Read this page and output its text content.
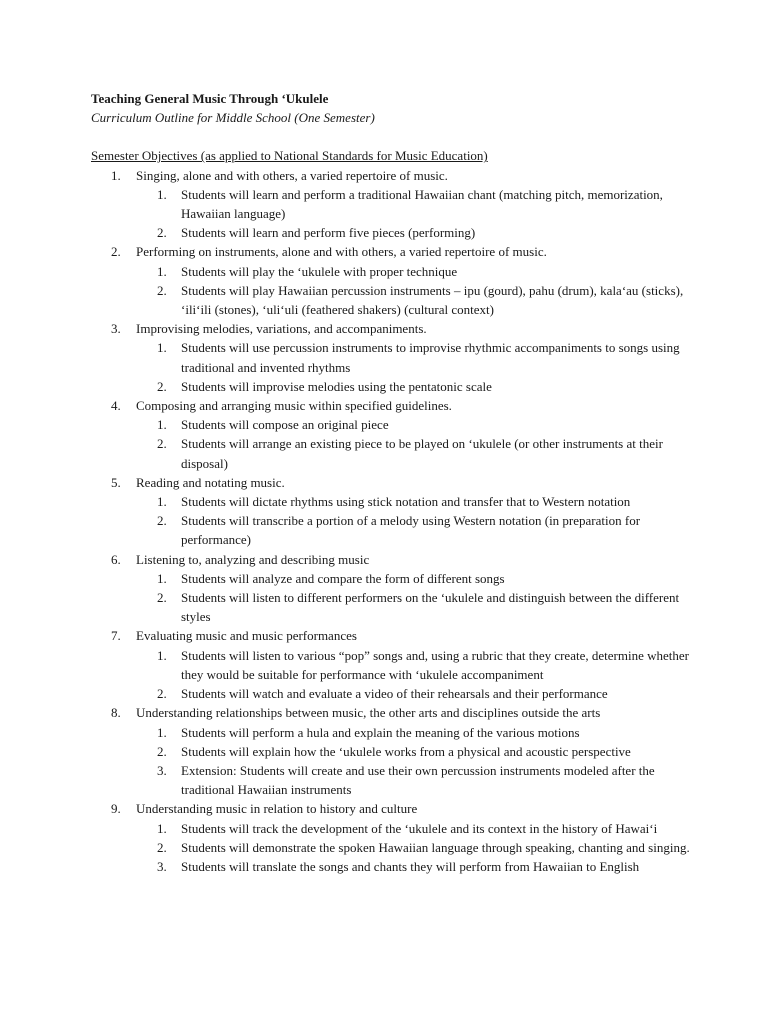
Teaching General Music Through ‘Ukulele
Curriculum Outline for Middle School (One Semester)
Semester Objectives (as applied to National Standards for Music Education)
1. Singing, alone and with others, a varied repertoire of music.
1. Students will learn and perform a traditional Hawaiian chant (matching pitch, memorization, Hawaiian language)
2. Students will learn and perform five pieces (performing)
2. Performing on instruments, alone and with others, a varied repertoire of music.
1. Students will play the ‘ukulele with proper technique
2. Students will play Hawaiian percussion instruments – ipu (gourd), pahu (drum), kala‘au (sticks), ‘ili‘ili (stones), ‘uli‘uli (feathered shakers) (cultural context)
3. Improvising melodies, variations, and accompaniments.
1. Students will use percussion instruments to improvise rhythmic accompaniments to songs using traditional and invented rhythms
2. Students will improvise melodies using the pentatonic scale
4. Composing and arranging music within specified guidelines.
1. Students will compose an original piece
2. Students will arrange an existing piece to be played on ‘ukulele (or other instruments at their disposal)
5. Reading and notating music.
1. Students will dictate rhythms using stick notation and transfer that to Western notation
2. Students will transcribe a portion of a melody using Western notation (in preparation for performance)
6. Listening to, analyzing and describing music
1. Students will analyze and compare the form of different songs
2. Students will listen to different performers on the ‘ukulele and distinguish between the different styles
7. Evaluating music and music performances
1. Students will listen to various “pop” songs and, using a rubric that they create, determine whether they would be suitable for performance with ‘ukulele accompaniment
2. Students will watch and evaluate a video of their rehearsals and their performance
8. Understanding relationships between music, the other arts and disciplines outside the arts
1. Students will perform a hula and explain the meaning of the various motions
2. Students will explain how the ‘ukulele works from a physical and acoustic perspective
3. Extension: Students will create and use their own percussion instruments modeled after the traditional Hawaiian instruments
9. Understanding music in relation to history and culture
1. Students will track the development of the ‘ukulele and its context in the history of Hawai‘i
2. Students will demonstrate the spoken Hawaiian language through speaking, chanting and singing.
3. Students will translate the songs and chants they will perform from Hawaiian to English
